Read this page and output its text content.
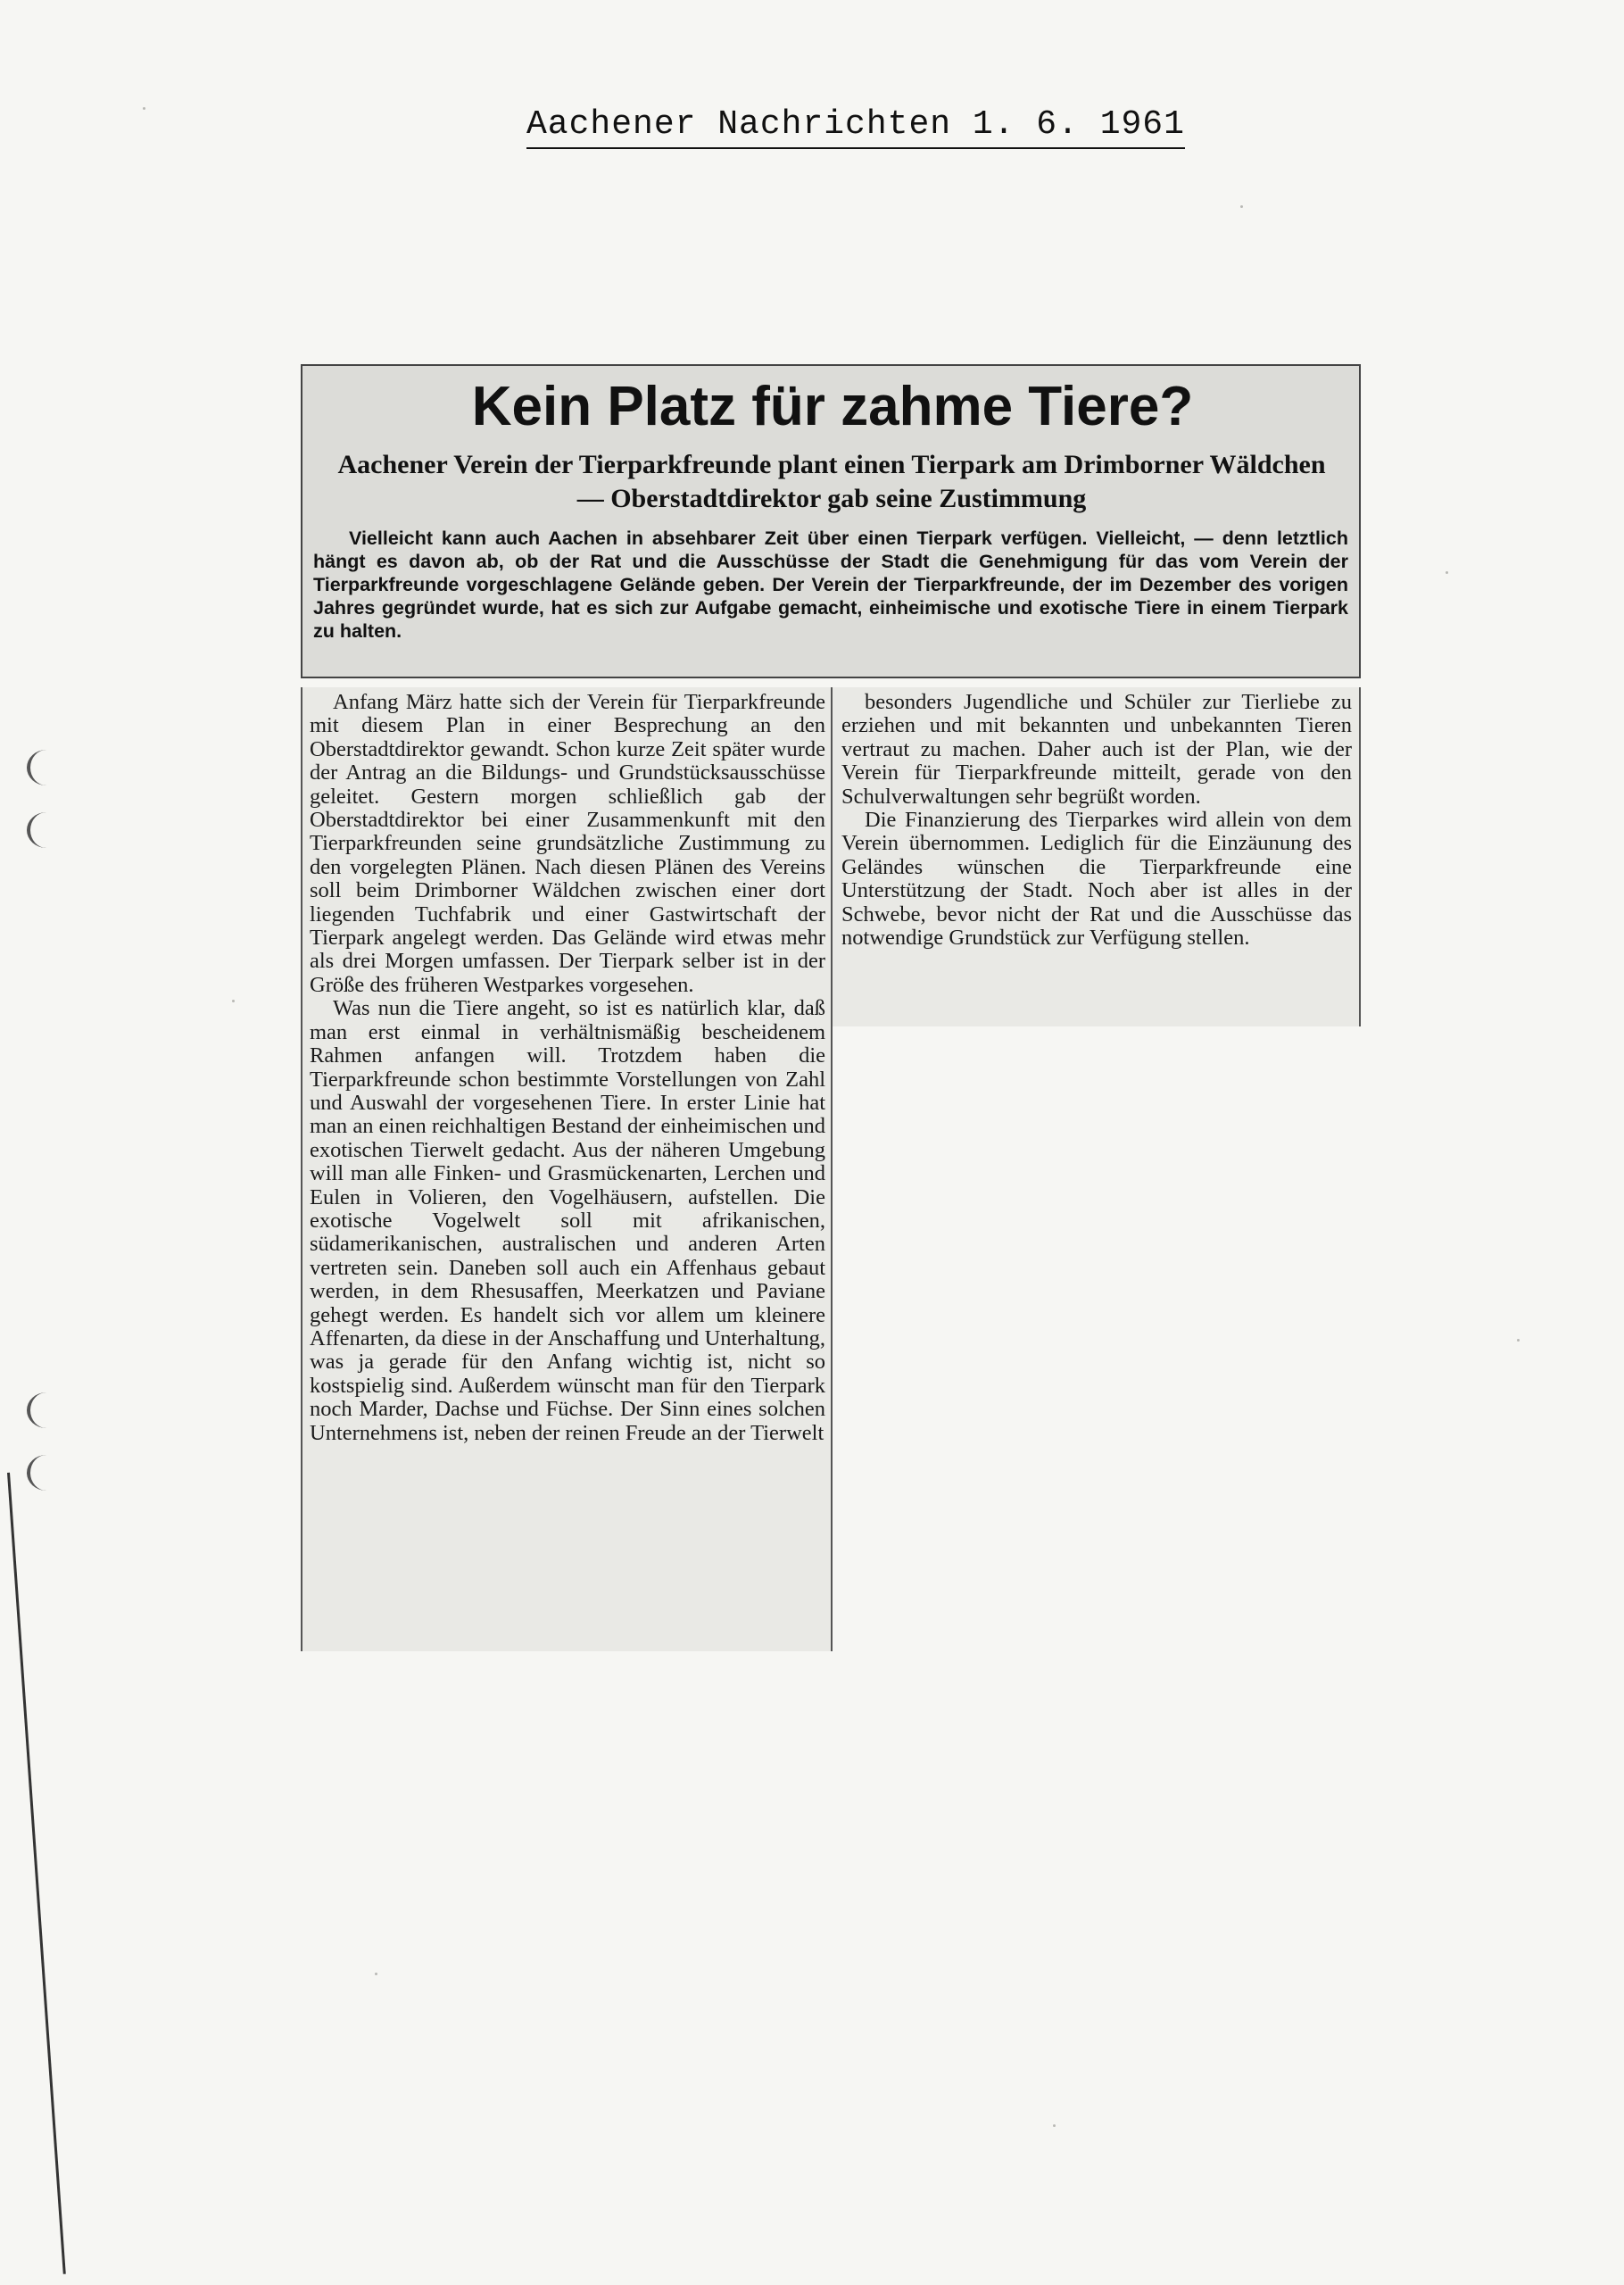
Aachener Nachrichten 1. 6. 1961
Kein Platz für zahme Tiere?
Aachener Verein der Tierparkfreunde plant einen Tierpark am Drimborner Wäldchen — Oberstadtdirektor gab seine Zustimmung
Vielleicht kann auch Aachen in absehbarer Zeit über einen Tierpark verfügen. Vielleicht, — denn letztlich hängt es davon ab, ob der Rat und die Ausschüsse der Stadt die Genehmigung für das vom Verein der Tierparkfreunde vorgeschlagene Gelände geben. Der Verein der Tierparkfreunde, der im Dezember des vorigen Jahres gegründet wurde, hat es sich zur Aufgabe gemacht, einheimische und exotische Tiere in einem Tierpark zu halten.

Anfang März hatte sich der Verein für Tierparkfreunde mit diesem Plan in einer Besprechung an den Oberstadtdirektor gewandt. Schon kurze Zeit später wurde der Antrag an die Bildungs- und Grundstücksausschüsse geleitet. Gestern morgen schließlich gab der Oberstadtdirektor bei einer Zusammenkunft mit den Tierparkfreunden seine grundsätzliche Zustimmung zu den vorgelegten Plänen. Nach diesen Plänen des Vereins soll beim Drimborner Wäldchen zwischen einer dort liegenden Tuchfabrik und einer Gastwirtschaft der Tierpark angelegt werden. Das Gelände wird etwas mehr als drei Morgen umfassen. Der Tierpark selber ist in der Größe des früheren Westparkes vorgesehen.

Was nun die Tiere angeht, so ist es natürlich klar, daß man erst einmal in verhältnismäßig bescheidenem Rahmen anfangen will. Trotzdem haben die Tierparkfreunde schon bestimmte Vorstellungen von Zahl und Auswahl der vorgesehenen Tiere. In erster Linie hat man an einen reichhaltigen Bestand der einheimischen und exotischen Tierwelt gedacht. Aus der näheren Umgebung will man alle Finken- und Grasmückenarten, Lerchen und Eulen in Volieren, den Vogelhäusern, aufstellen. Die exotische Vogelwelt soll mit afrikanischen, südamerikanischen, australischen und anderen Arten vertreten sein. Daneben soll auch ein Affenhaus gebaut werden, in dem Rhesusaffen, Meerkatzen und Paviane gehegt werden. Es handelt sich vor allem um kleinere Affenarten, da diese in der Anschaffung und Unterhaltung, was ja gerade für den Anfang wichtig ist, nicht so kostspielig sind. Außerdem wünscht man für den Tierpark noch Marder, Dachse und Füchse. Der Sinn eines solchen Unternehmens ist, neben der reinen Freude an der Tierwelt

besonders Jugendliche und Schüler zur Tierliebe zu erziehen und mit bekannten und unbekannten Tieren vertraut zu machen. Daher auch ist der Plan, wie der Verein für Tierparkfreunde mitteilt, gerade von den Schulverwaltungen sehr begrüßt worden.

Die Finanzierung des Tierparkes wird allein von dem Verein übernommen. Lediglich für die Einzäunung des Geländes wünschen die Tierparkfreunde eine Unterstützung der Stadt. Noch aber ist alles in der Schwebe, bevor nicht der Rat und die Ausschüsse das notwendige Grundstück zur Verfügung stellen.
